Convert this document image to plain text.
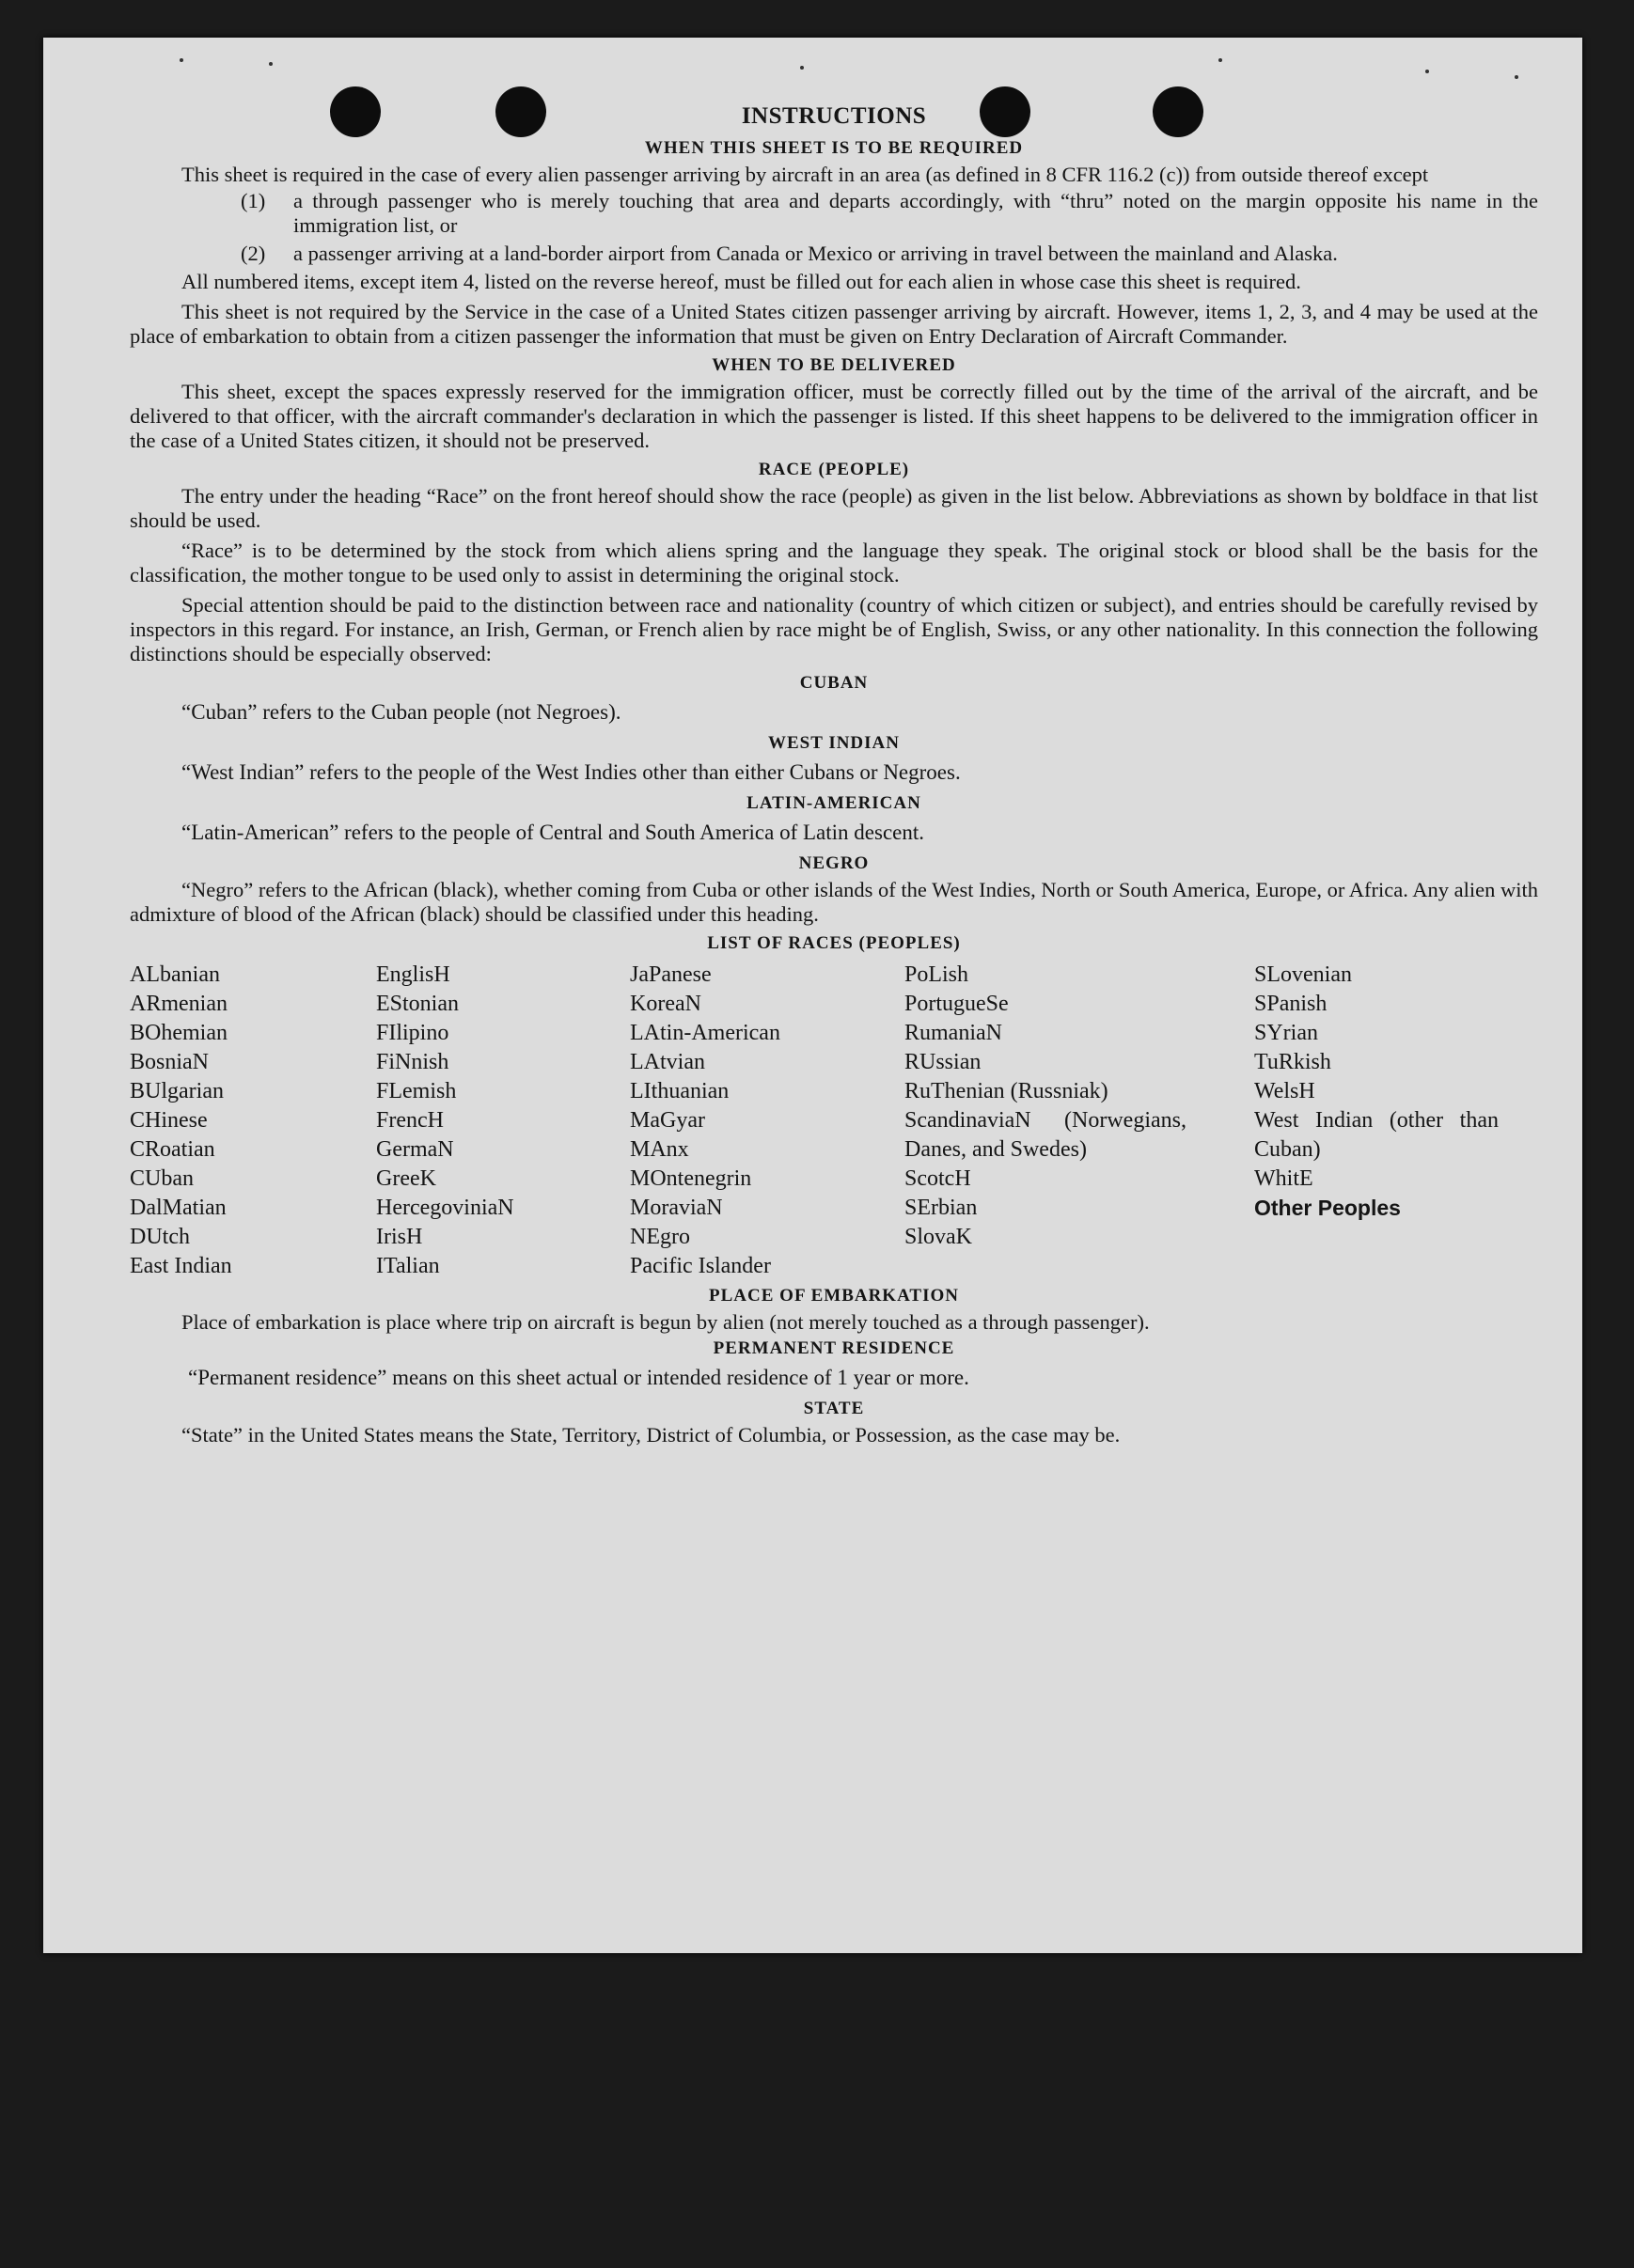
INSTRUCTIONS
WHEN THIS SHEET IS TO BE REQUIRED

This sheet is required in the case of every alien passenger arriving by aircraft in an area (as defined in 8 CFR 116.2 (c)) from outside thereof except

(1)	a through passenger who is merely touching that area and departs accordingly, with “thru” noted on the margin opposite his name in the immigration list, or
(2)	a passenger arriving at a land-border airport from Canada or Mexico or arriving in travel between the mainland and Alaska.

All numbered items, except item 4, listed on the reverse hereof, must be filled out for each alien in whose case this sheet is required.

This sheet is not required by the Service in the case of a United States citizen passenger arriving by aircraft. However, items 1, 2, 3, and 4 may be used at the place of embarkation to obtain from a citizen passenger the information that must be given on Entry Declaration of Aircraft Commander.

WHEN TO BE DELIVERED

This sheet, except the spaces expressly reserved for the immigration officer, must be correctly filled out by the time of the arrival of the aircraft, and be delivered to that officer, with the aircraft commander's declaration in which the passenger is listed. If this sheet happens to be delivered to the immigration officer in the case of a United States citizen, it should not be preserved.

RACE (PEOPLE)

The entry under the heading “Race” on the front hereof should show the race (people) as given in the list below. Abbreviations as shown by boldface in that list should be used.

“Race” is to be determined by the stock from which aliens spring and the language they speak. The original stock or blood shall be the basis for the classification, the mother tongue to be used only to assist in determining the original stock.

Special attention should be paid to the distinction between race and nationality (country of which citizen or subject), and entries should be carefully revised by inspectors in this regard. For instance, an Irish, German, or French alien by race might be of English, Swiss, or any other nationality. In this connection the following distinctions should be especially observed:

CUBAN
“Cuban” refers to the Cuban people (not Negroes).
WEST INDIAN
“West Indian” refers to the people of the West Indies other than either Cubans or Negroes.
LATIN-AMERICAN
“Latin-American” refers to the people of Central and South America of Latin descent.
NEGRO

“Negro” refers to the African (black), whether coming from Cuba or other islands of the West Indies, North or South America, Europe, or Africa. Any alien with admixture of blood of the African (black) should be classified under this heading.

LIST OF RACES (PEOPLES)
ALbanian
ARmenian
BOhemian
BosniaN
BUlgarian
CHinese
CRoatian
CUban
DalMatian
DUtch
East Indian
EnglisH
EStonian
FIlipino
FiNnish
FLemish
FrencH
GermaN
GreeK
HercegoviniaN
IrisH
ITalian
JaPanese
KoreaN
LAtin-American
LAtvian
LIthuanian
MaGyar
MAnx
MOntenegrin
MoraviaN
NEgro
Pacific Islander
PoLish
PortugueSe
RumaniaN
RUssian
RuThenian (Russniak)
ScandinaviaN (Norwegians, Danes, and Swedes)
ScotcH
SErbian
SlovaK
SLovenian
SPanish
SYrian
TuRkish
WelsH
West Indian (other than Cuban)
WhitE
Other Peoples
PLACE OF EMBARKATION

Place of embarkation is place where trip on aircraft is begun by alien (not merely touched as a through passenger).

PERMANENT RESIDENCE
“Permanent residence” means on this sheet actual or intended residence of 1 year or more.
STATE

“State” in the United States means the State, Territory, District of Columbia, or Possession, as the case may be.
